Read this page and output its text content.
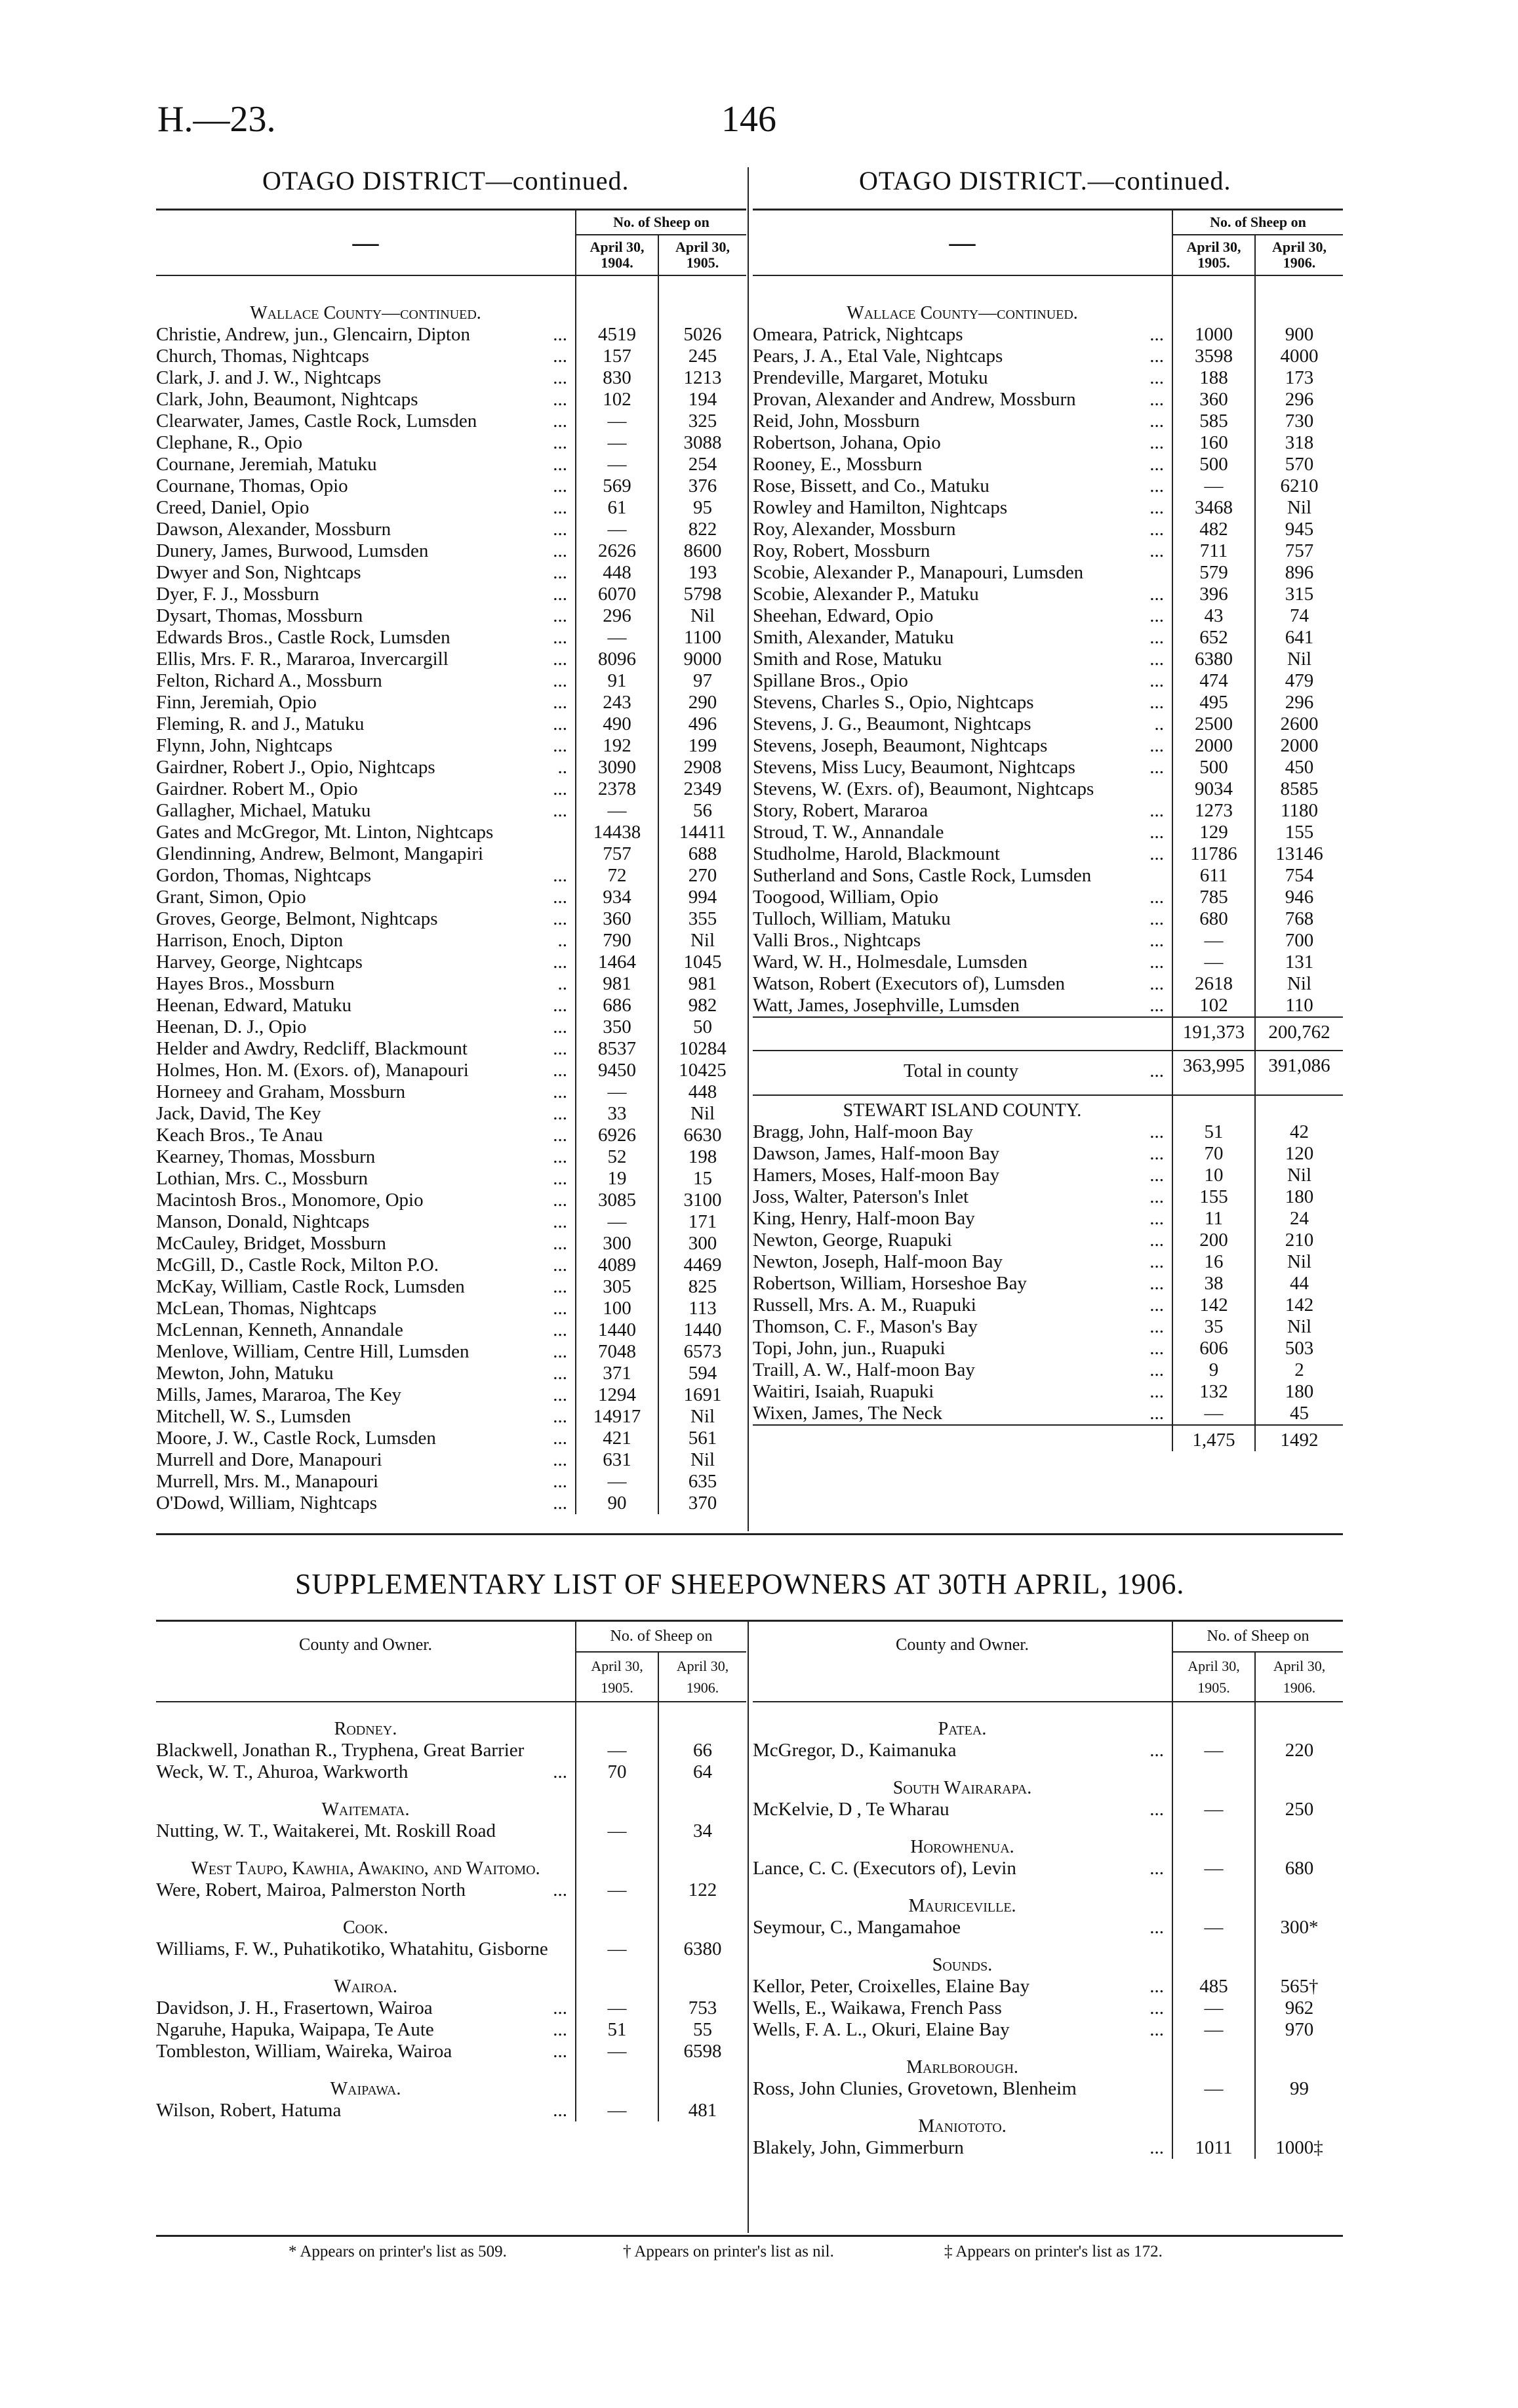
H.—23.	146
OTAGO DISTRICT—continued.	OTAGO DISTRICT.—continued.
—	No. of Sheep on	
	April 30, 1904.	April 30, 1905.
Wallace County—continued.		
Christie, Andrew, jun., Glencairn, Dipton ...	4519	5026
Church, Thomas, Nightcaps ...	157	245
Clark, J. and J. W., Nightcaps ...	830	1213
Clark, John, Beaumont, Nightcaps ...	102	194
Clearwater, James, Castle Rock, Lumsden ...	—	325
Clephane, R., Opio ...	—	3088
Cournane, Jeremiah, Matuku ...	—	254
Cournane, Thomas, Opio ...	569	376
Creed, Daniel, Opio ...	61	95
Dawson, Alexander, Mossburn ...	—	822
Dunery, James, Burwood, Lumsden ...	2626	8600
Dwyer and Son, Nightcaps ...	448	193
Dyer, F. J., Mossburn ...	6070	5798
Dysart, Thomas, Mossburn ...	296	Nil
Edwards Bros., Castle Rock, Lumsden ...	—	1100
Ellis, Mrs. F. R., Mararoa, Invercargill ...	8096	9000
Felton, Richard A., Mossburn ...	91	97
Finn, Jeremiah, Opio ...	243	290
Fleming, R. and J., Matuku ...	490	496
Flynn, John, Nightcaps ...	192	199
Gairdner, Robert J., Opio, Nightcaps ..	3090	2908
Gairdner. Robert M., Opio ...	2378	2349
Gallagher, Michael, Matuku ...	—	56
Gates and McGregor, Mt. Linton, Nightcaps	14438	14411
Glendinning, Andrew, Belmont, Mangapiri	757	688
Gordon, Thomas, Nightcaps ...	72	270
Grant, Simon, Opio ...	934	994
Groves, George, Belmont, Nightcaps ...	360	355
Harrison, Enoch, Dipton ..	790	Nil
Harvey, George, Nightcaps ...	1464	1045
Hayes Bros., Mossburn ..	981	981
Heenan, Edward, Matuku ...	686	982
Heenan, D. J., Opio ...	350	50
Helder and Awdry, Redcliff, Blackmount ...	8537	10284
Holmes, Hon. M. (Exors. of), Manapouri ...	9450	10425
Horneey and Graham, Mossburn ...	—	448
Jack, David, The Key ...	33	Nil
Keach Bros., Te Anau ...	6926	6630
Kearney, Thomas, Mossburn ...	52	198
Lothian, Mrs. C., Mossburn ...	19	15
Macintosh Bros., Monomore, Opio ...	3085	3100
Manson, Donald, Nightcaps ...	—	171
McCauley, Bridget, Mossburn ...	300	300
McGill, D., Castle Rock, Milton P.O. ...	4089	4469
McKay, William, Castle Rock, Lumsden ...	305	825
McLean, Thomas, Nightcaps ...	100	113
McLennan, Kenneth, Annandale ...	1440	1440
Menlove, William, Centre Hill, Lumsden ...	7048	6573
Mewton, John, Matuku ...	371	594
Mills, James, Mararoa, The Key ...	1294	1691
Mitchell, W. S., Lumsden ...	14917	Nil
Moore, J. W., Castle Rock, Lumsden ...	421	561
Murrell and Dore, Manapouri ...	631	Nil
Murrell, Mrs. M., Manapouri ...	—	635
O'Dowd, William, Nightcaps ...	90	370
—	No. of Sheep on	
	April 30, 1905.	April 30, 1906.
Wallace County—continued.		
Omeara, Patrick, Nightcaps ...	1000	900
Pears, J. A., Etal Vale, Nightcaps ...	3598	4000
Prendeville, Margaret, Motuku ...	188	173
Provan, Alexander and Andrew, Mossburn ...	360	296
Reid, John, Mossburn ...	585	730
Robertson, Johana, Opio ...	160	318
Rooney, E., Mossburn ...	500	570
Rose, Bissett, and Co., Matuku ...	—	6210
Rowley and Hamilton, Nightcaps ...	3468	Nil
Roy, Alexander, Mossburn ...	482	945
Roy, Robert, Mossburn ...	711	757
Scobie, Alexander P., Manapouri, Lumsden	579	896
Scobie, Alexander P., Matuku ...	396	315
Sheehan, Edward, Opio ...	43	74
Smith, Alexander, Matuku ...	652	641
Smith and Rose, Matuku ...	6380	Nil
Spillane Bros., Opio ...	474	479
Stevens, Charles S., Opio, Nightcaps ...	495	296
Stevens, J. G., Beaumont, Nightcaps ..	2500	2600
Stevens, Joseph, Beaumont, Nightcaps ...	2000	2000
Stevens, Miss Lucy, Beaumont, Nightcaps ...	500	450
Stevens, W. (Exrs. of), Beaumont, Nightcaps	9034	8585
Story, Robert, Mararoa ...	1273	1180
Stroud, T. W., Annandale ...	129	155
Studholme, Harold, Blackmount ...	11786	13146
Sutherland and Sons, Castle Rock, Lumsden	611	754
Toogood, William, Opio ...	785	946
Tulloch, William, Matuku ...	680	768
Valli Bros., Nightcaps ...	—	700
Ward, W. H., Holmesdale, Lumsden ...	—	131
Watson, Robert (Executors of), Lumsden ...	2618	Nil
Watt, James, Josephville, Lumsden ...	102	110
	191,373	200,762

Total in county ...	363,995	391,086
STEWART ISLAND COUNTY.		
Bragg, John, Half-moon Bay ...	51	42
Dawson, James, Half-moon Bay ...	70	120
Hamers, Moses, Half-moon Bay ...	10	Nil
Joss, Walter, Paterson's Inlet ...	155	180
King, Henry, Half-moon Bay ...	11	24
Newton, George, Ruapuki ...	200	210
Newton, Joseph, Half-moon Bay ...	16	Nil
Robertson, William, Horseshoe Bay ...	38	44
Russell, Mrs. A. M., Ruapuki ...	142	142
Thomson, C. F., Mason's Bay ...	35	Nil
Topi, John, jun., Ruapuki ...	606	503
Traill, A. W., Half-moon Bay ...	9	2
Waitiri, Isaiah, Ruapuki ...	132	180
Wixen, James, The Neck ...	—	45
	1,475	1492
SUPPLEMENTARY LIST OF SHEEPOWNERS AT 30TH APRIL, 1906.
County and Owner.	No. of Sheep on	
	April 30, 1905.	April 30, 1906.
Rodney.		
Blackwell, Jonathan R., Tryphena, Great Barrier	—	66
Weck, W. T., Ahuroa, Warkworth ...	70	64
Waitemata.		
Nutting, W. T., Waitakerei, Mt. Roskill Road	—	34
West Taupo, Kawhia, Awakino, and Waitomo.		
Were, Robert, Mairoa, Palmerston North ...	—	122
Cook.		
Williams, F. W., Puhatikotiko, Whatahitu, Gisborne	—	6380
Wairoa.		
Davidson, J. H., Frasertown, Wairoa ...	—	753
Ngaruhe, Hapuka, Waipapa, Te Aute ...	51	55
Tombleston, William, Waireka, Wairoa ...	—	6598
Waipawa.		
Wilson, Robert, Hatuma ...	—	481
County and Owner.	No. of Sheep on	
	April 30, 1905.	April 30, 1906.
Patea.		
McGregor, D., Kaimanuka ...	—	220
South Wairarapa.		
McKelvie, D , Te Wharau ...	—	250
Horowhenua.		
Lance, C. C. (Executors of), Levin ...	—	680
Mauriceville.		
Seymour, C., Mangamahoe ...	—	300*
Sounds.		
Kellor, Peter, Croixelles, Elaine Bay ...	485	565†
Wells, E., Waikawa, French Pass ...	—	962
Wells, F. A. L., Okuri, Elaine Bay ...	—	970
Marlborough.		
Ross, John Clunies, Grovetown, Blenheim	—	99
Maniototo.		
Blakely, John, Gimmerburn ...	1011	1000‡
* Appears on printer's list as 509.	† Appears on printer's list as nil.	‡ Appears on printer's list as 172.
